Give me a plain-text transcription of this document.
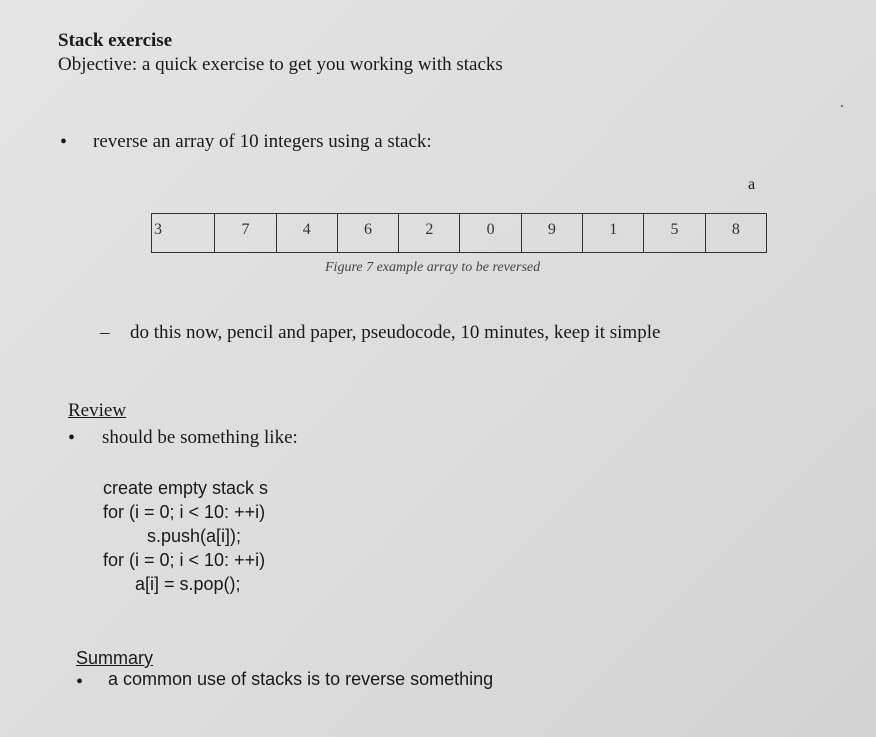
Stack exercise
Objective: a quick exercise to get you working with stacks
• reverse an array of 10 integers using a stack:
a
3	7	4	6	2	0	9	1	5	8
Figure 7 example array to be reversed
– do this now, pencil and paper, pseudocode, 10 minutes, keep it simple
Review
• should be something like:
create empty stack s
for (i = 0; i < 10: ++i)
s.push(a[i]);
for (i = 0; i < 10: ++i)
a[i] = s.pop();
Summary
• a common use of stacks is to reverse something
